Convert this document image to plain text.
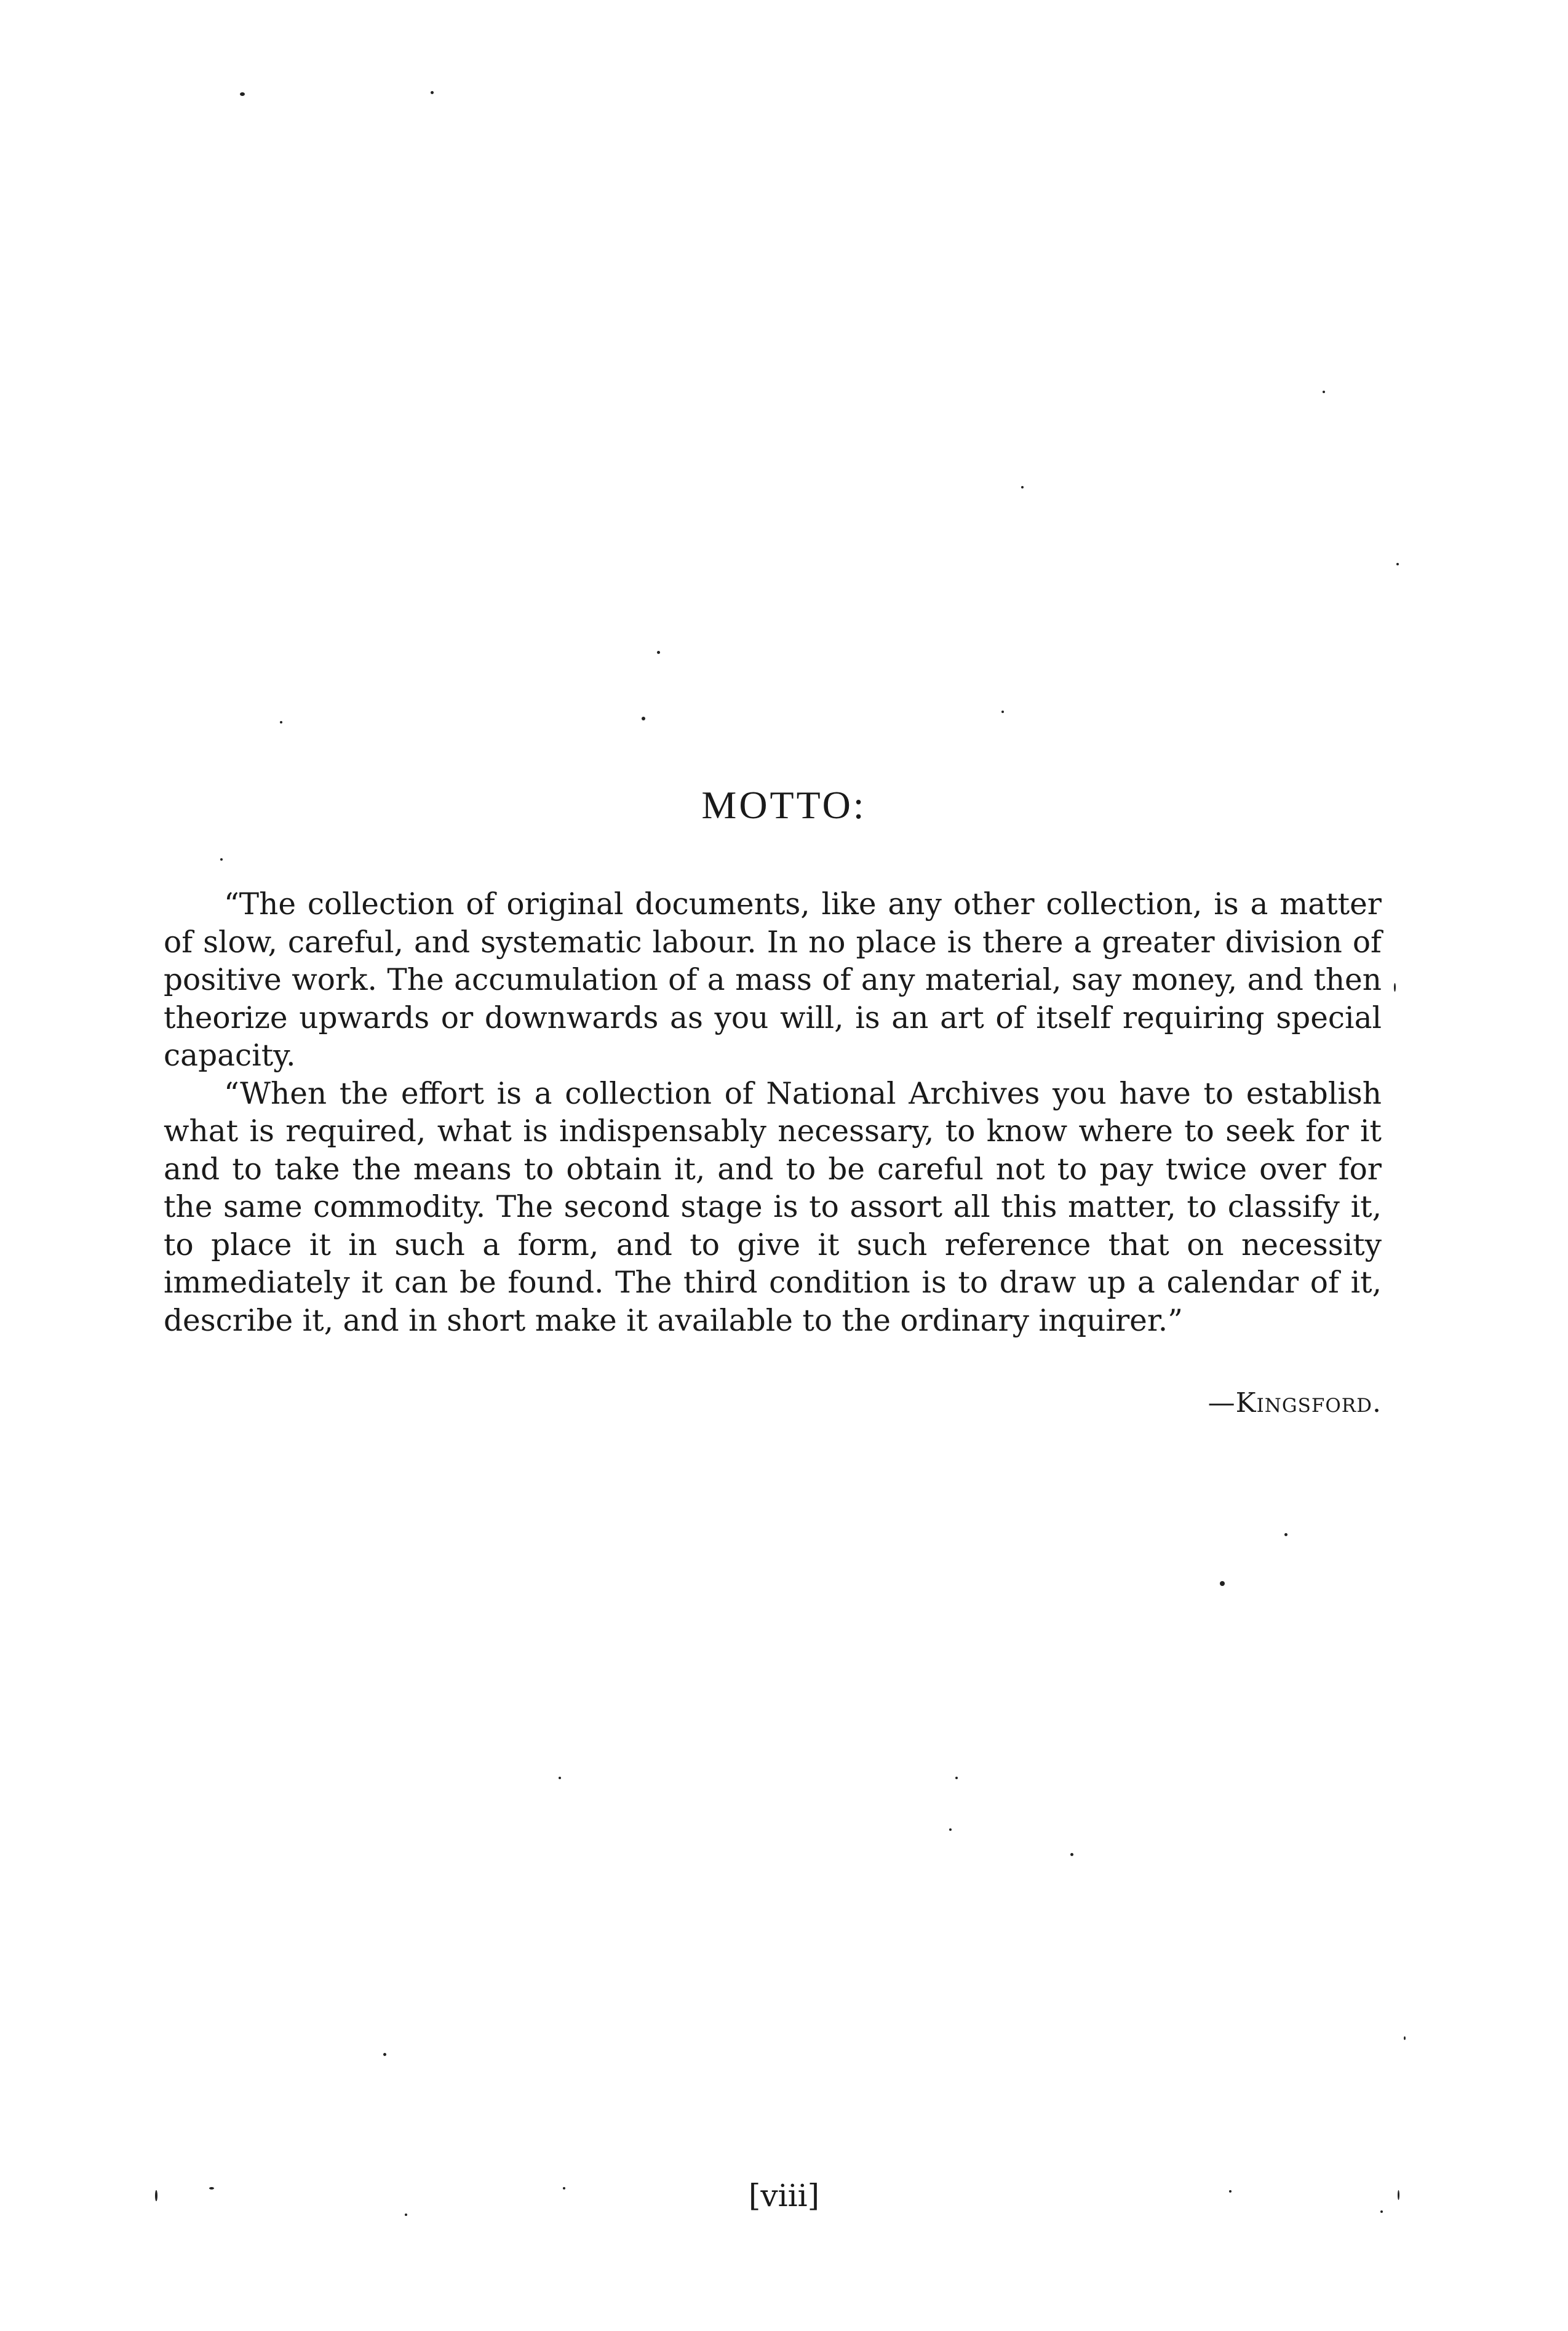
MOTTO:

“The collection of original documents, like any other collection, is a matter of slow, careful, and systematic labour. In no place is there a greater division of positive work. The accumulation of a mass of any material, say money, and then theorize upwards or downwards as you will, is an art of itself requiring special capacity.

“When the effort is a collection of National Archives you have to establish what is required, what is indispensably necessary, to know where to seek for it and to take the means to obtain it, and to be careful not to pay twice over for the same commodity. The second stage is to assort all this matter, to classify it, to place it in such a form, and to give it such reference that on necessity immediately it can be found. The third condition is to draw up a calendar of it, describe it, and in short make it available to the ordinary inquirer.”

—Kingsford.
[viii]
